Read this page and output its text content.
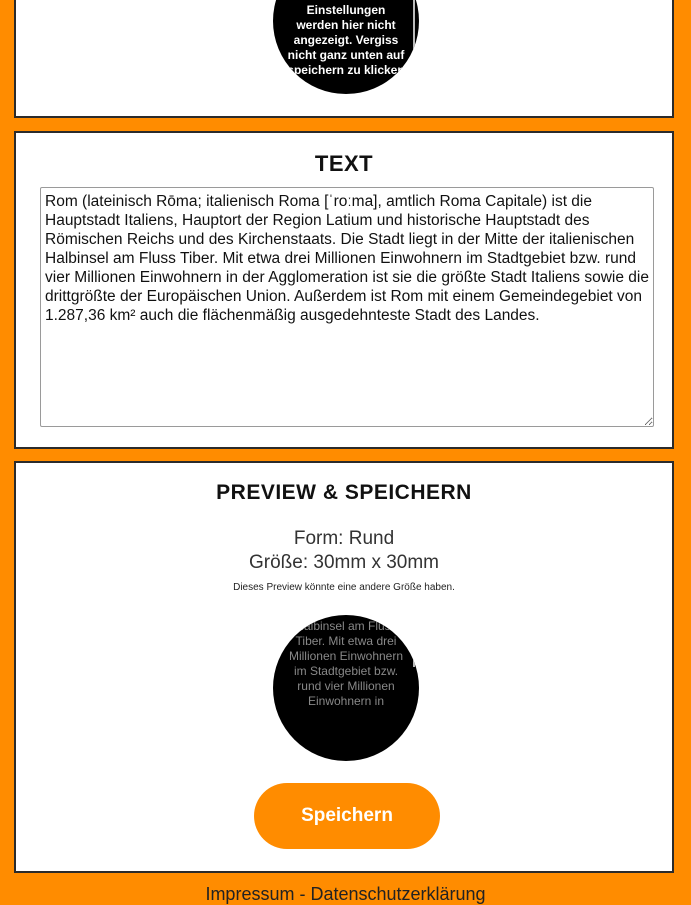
Einstellungen werden hier nicht angezeigt. Vergiss nicht ganz unten auf speichern zu klicken
TEXT
Rom (lateinisch Rōma; italienisch Roma [ˈroːma], amtlich Roma Capitale) ist die Hauptstadt Italiens, Hauptort der Region Latium und historische Hauptstadt des Römischen Reichs und des Kirchenstaats. Die Stadt liegt in der Mitte der italienischen Halbinsel am Fluss Tiber. Mit etwa drei Millionen Einwohnern im Stadtgebiet bzw. rund vier Millionen Einwohnern in der Agglomeration ist sie die größte Stadt Italiens sowie die drittgrößte der Europäischen Union. Außerdem ist Rom mit einem Gemeindegebiet von 1.287,36 km² auch die flächenmäßig ausgedehnteste Stadt des Landes.
PREVIEW & SPEICHERN
Form: Rund
Größe: 30mm x 30mm
Dieses Preview könnte eine andere Größe haben.
Halbinsel am Fluss Tiber. Mit etwa drei Millionen Einwohnern im Stadtgebiet bzw. rund vier Millionen Einwohnern in
Speichern
Impressum - Datenschutzerklärung
